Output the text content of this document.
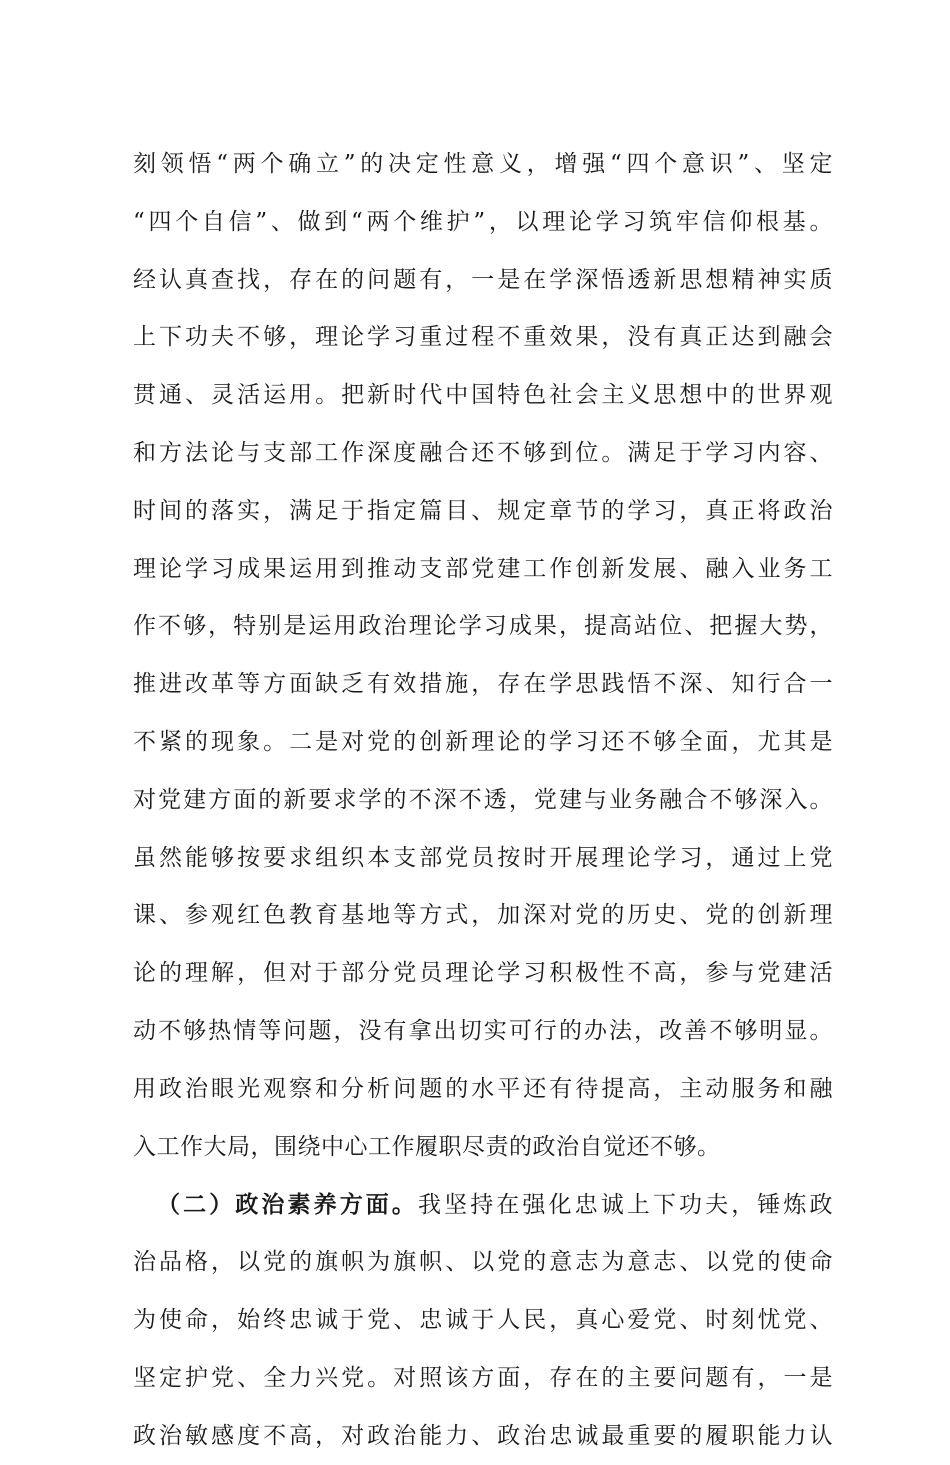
刻领悟“两个确立”的决定性意义，增强“四个意识”、坚定
“四个自信”、做到“两个维护”，以理论学习筑牢信仰根基。
经认真查找，存在的问题有，一是在学深悟透新思想精神实质
上下功夫不够，理论学习重过程不重效果，没有真正达到融会
贯通、灵活运用。把新时代中国特色社会主义思想中的世界观
和方法论与支部工作深度融合还不够到位。满足于学习内容、
时间的落实，满足于指定篇目、规定章节的学习，真正将政治
理论学习成果运用到推动支部党建工作创新发展、融入业务工
作不够，特别是运用政治理论学习成果，提高站位、把握大势，
推进改革等方面缺乏有效措施，存在学思践悟不深、知行合一
不紧的现象。二是对党的创新理论的学习还不够全面，尤其是
对党建方面的新要求学的不深不透，党建与业务融合不够深入。
虽然能够按要求组织本支部党员按时开展理论学习，通过上党
课、参观红色教育基地等方式，加深对党的历史、党的创新理
论的理解，但对于部分党员理论学习积极性不高，参与党建活
动不够热情等问题，没有拿出切实可行的办法，改善不够明显。
用政治眼光观察和分析问题的水平还有待提高，主动服务和融
入工作大局，围绕中心工作履职尽责的政治自觉还不够。
（二）政治素养方面。我坚持在强化忠诚上下功夫，锤炼政
治品格，以党的旗帜为旗帜、以党的意志为意志、以党的使命
为使命，始终忠诚于党、忠诚于人民，真心爱党、时刻忧党、
坚定护党、全力兴党。对照该方面，存在的主要问题有，一是
政治敏感度不高，对政治能力、政治忠诚最重要的履职能力认
